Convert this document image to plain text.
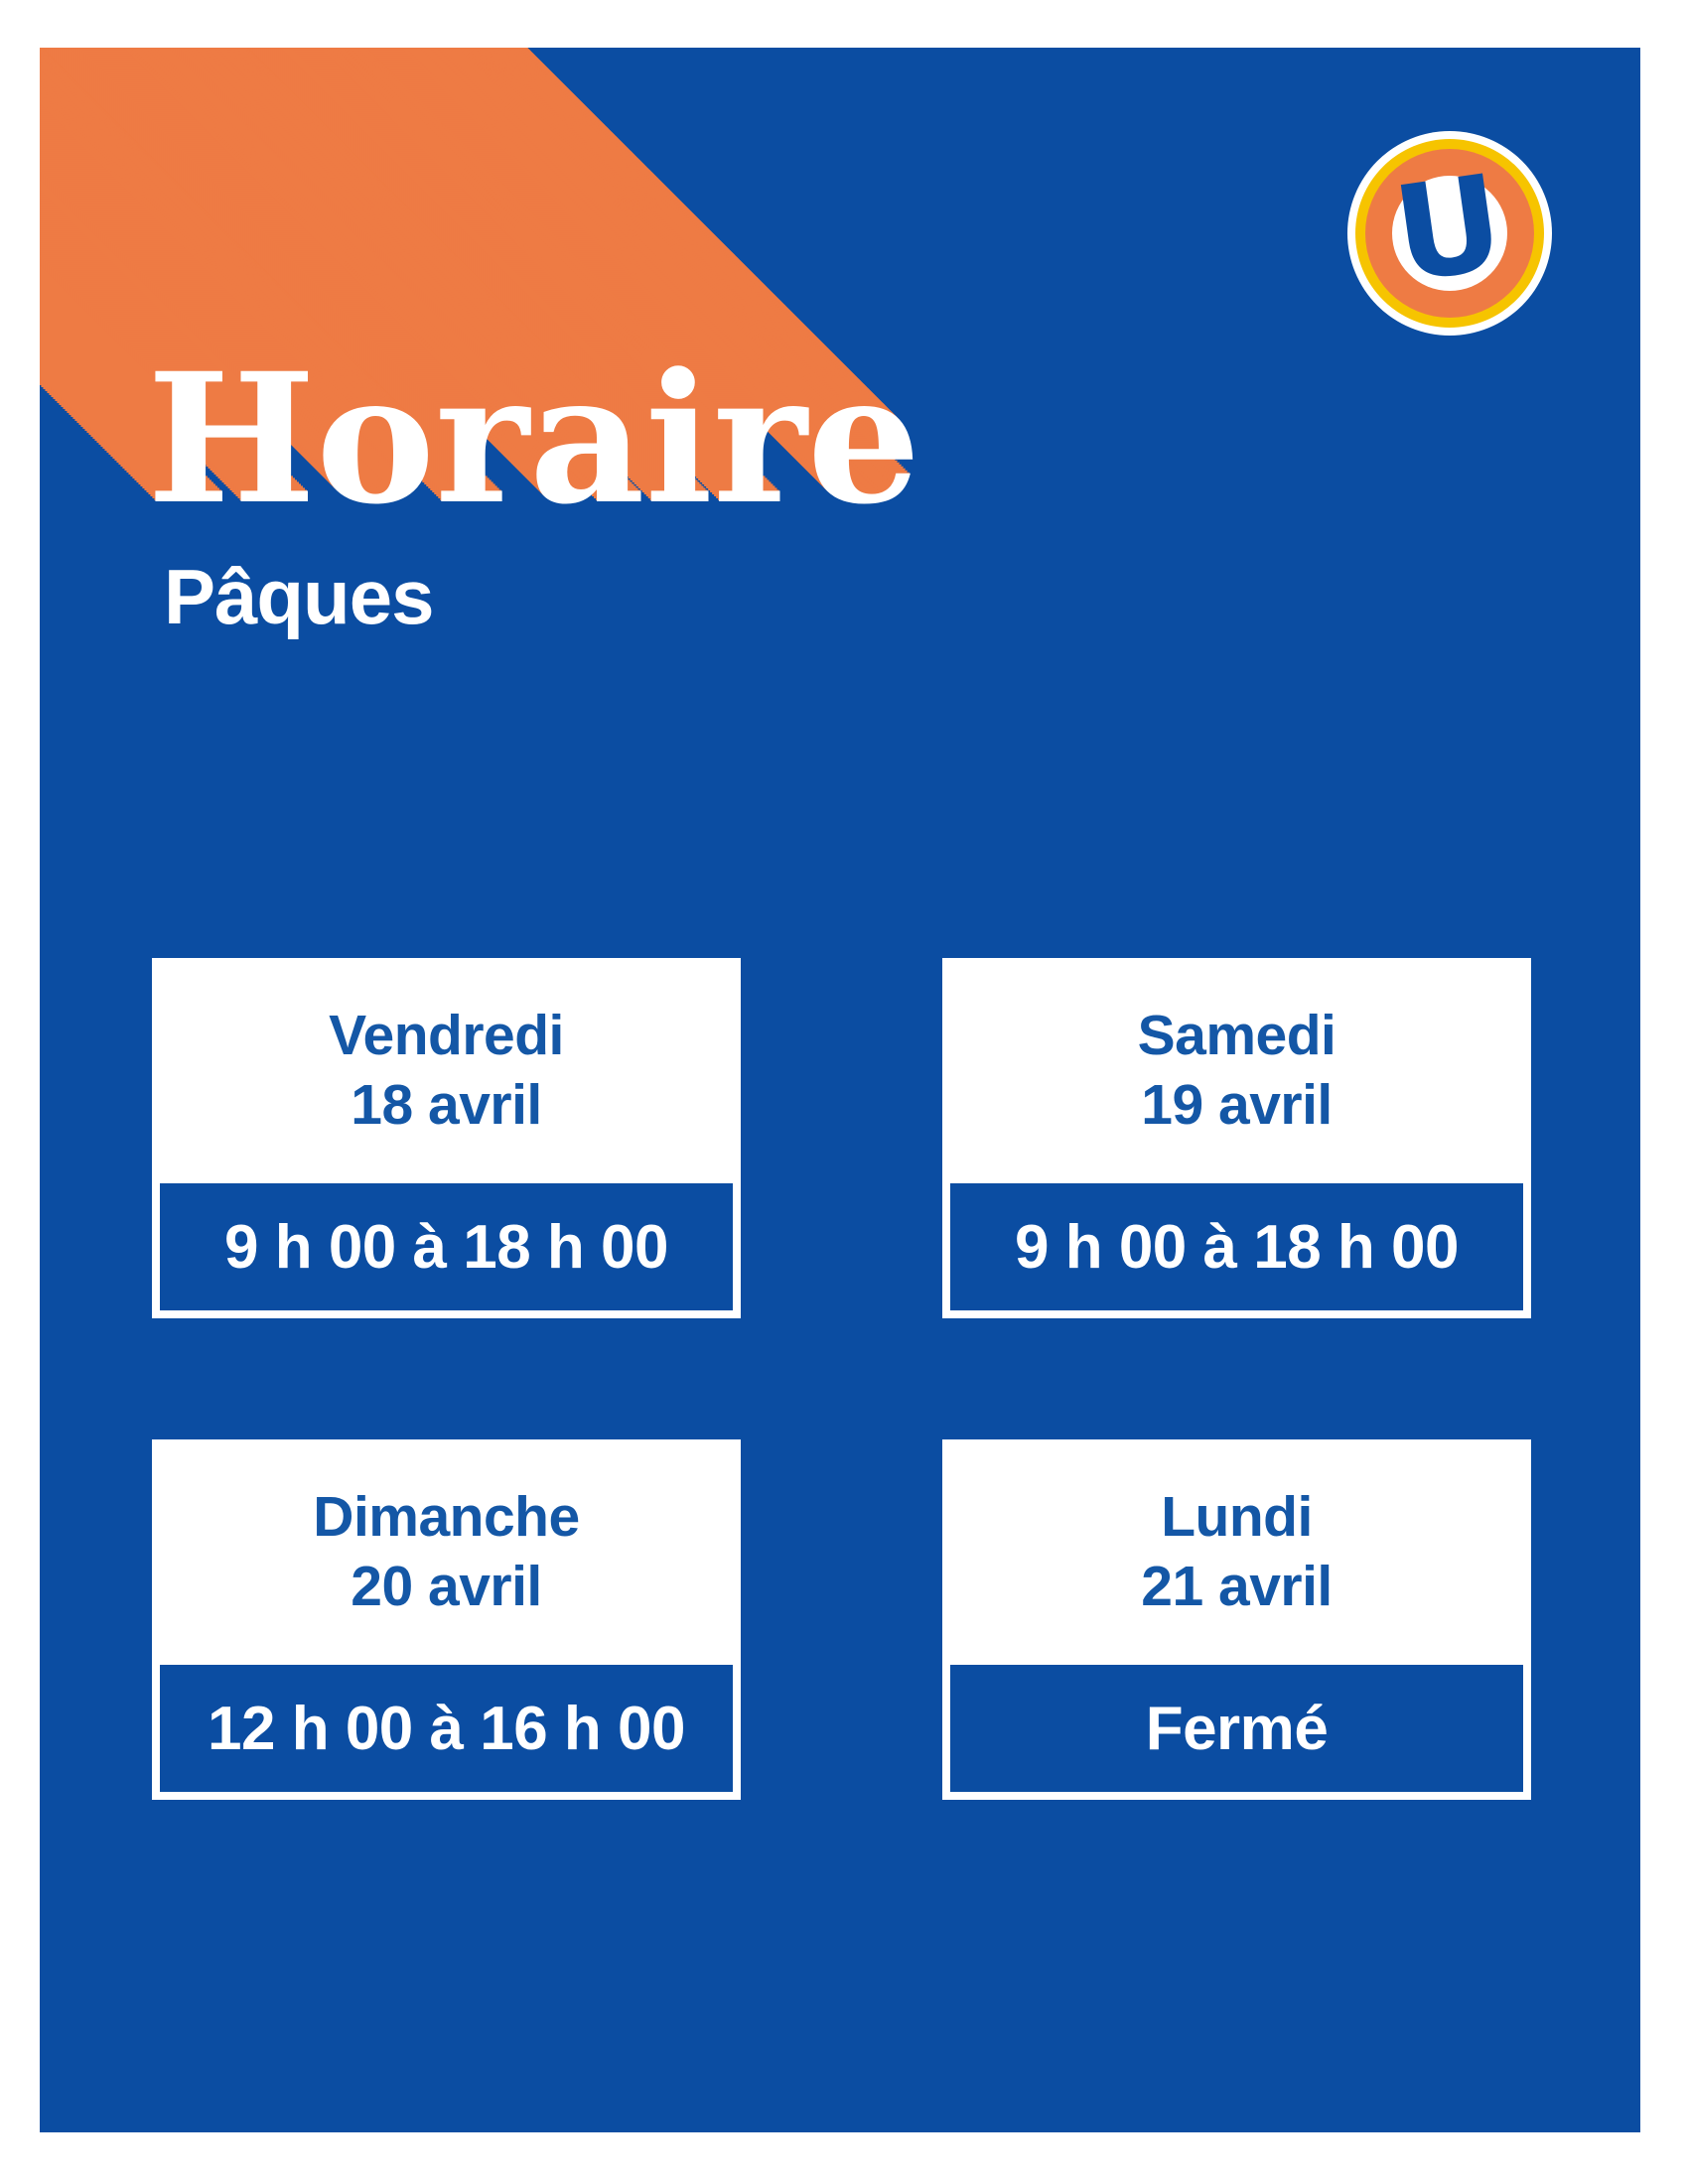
Horaire
Pâques
U
Vendredi
18 avril
9 h 00 à 18 h 00
Samedi
19 avril
9 h 00 à 18 h 00
Dimanche
20 avril
12 h 00 à 16 h 00
Lundi
21 avril
Fermé
